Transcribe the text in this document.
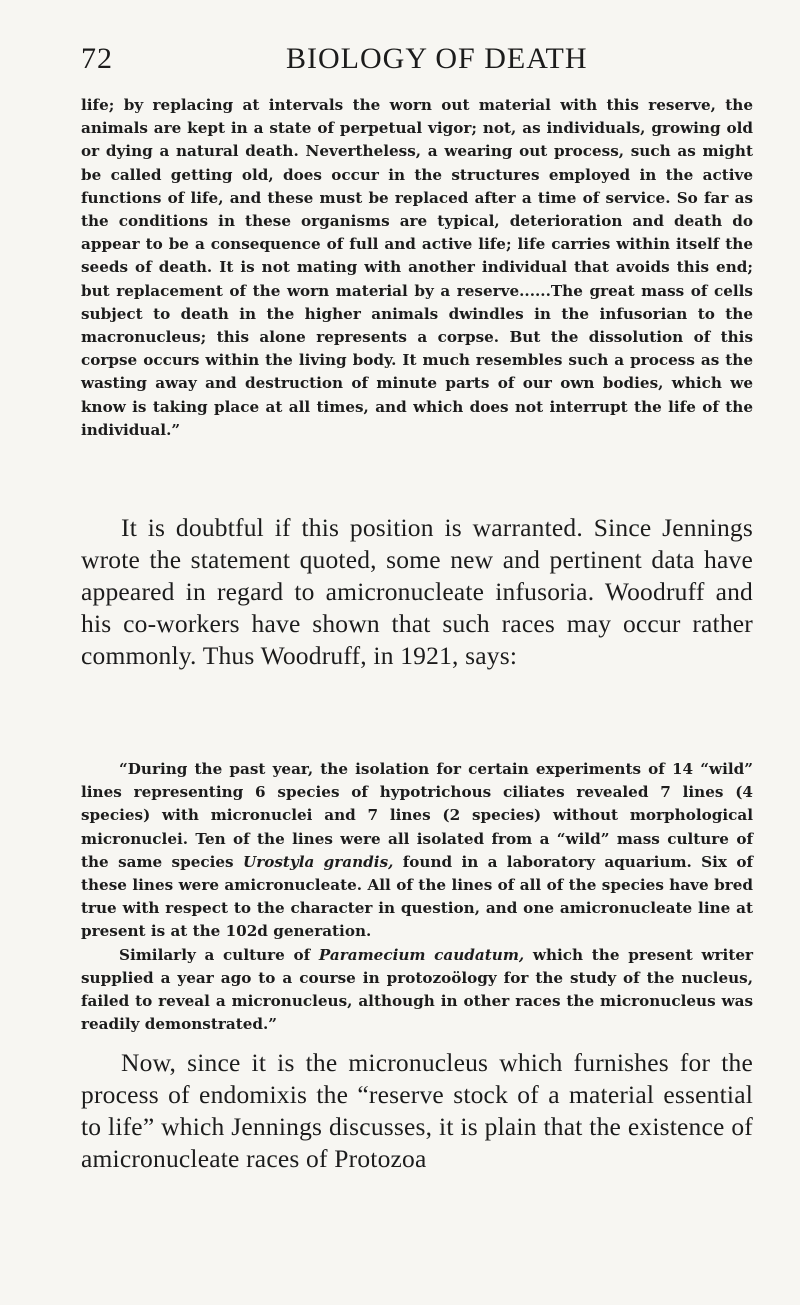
72	BIOLOGY OF DEATH

life; by replacing at intervals the worn out material with this reserve, the animals are kept in a state of perpetual vigor; not, as individuals, growing old or dying a natural death. Nevertheless, a wearing out process, such as might be called getting old, does occur in the structures employed in the active functions of life, and these must be replaced after a time of service. So far as the conditions in these organisms are typical, deterioration and death do appear to be a consequence of full and active life; life carries within itself the seeds of death. It is not mating with another individual that avoids this end; but replacement of the worn material by a reserve......The great mass of cells subject to death in the higher animals dwindles in the infusorian to the macronucleus; this alone represents a corpse. But the dissolution of this corpse occurs within the living body. It much resembles such a process as the wasting away and destruction of minute parts of our own bodies, which we know is taking place at all times, and which does not interrupt the life of the individual.”

It is doubtful if this position is warranted. Since Jennings wrote the statement quoted, some new and pertinent data have appeared in regard to amicronucleate infusoria. Woodruff and his co-workers have shown that such races may occur rather commonly. Thus Woodruff, in 1921, says:

“During the past year, the isolation for certain experiments of 14 “wild” lines representing 6 species of hypotrichous ciliates revealed 7 lines (4 species) with micronuclei and 7 lines (2 species) without morphological micronuclei. Ten of the lines were all isolated from a “wild” mass culture of the same species Urostyla grandis, found in a laboratory aquarium. Six of these lines were amicronucleate. All of the lines of all of the species have bred true with respect to the character in question, and one amicronucleate line at present is at the 102d generation.
Similarly a culture of Paramecium caudatum, which the present writer supplied a year ago to a course in protozoölogy for the study of the nucleus, failed to reveal a micronucleus, although in other races the micronucleus was readily demonstrated.”

Now, since it is the micronucleus which furnishes for the process of endomixis the “reserve stock of a material essential to life” which Jennings discusses, it is plain that the existence of amicronucleate races of Protozoa
